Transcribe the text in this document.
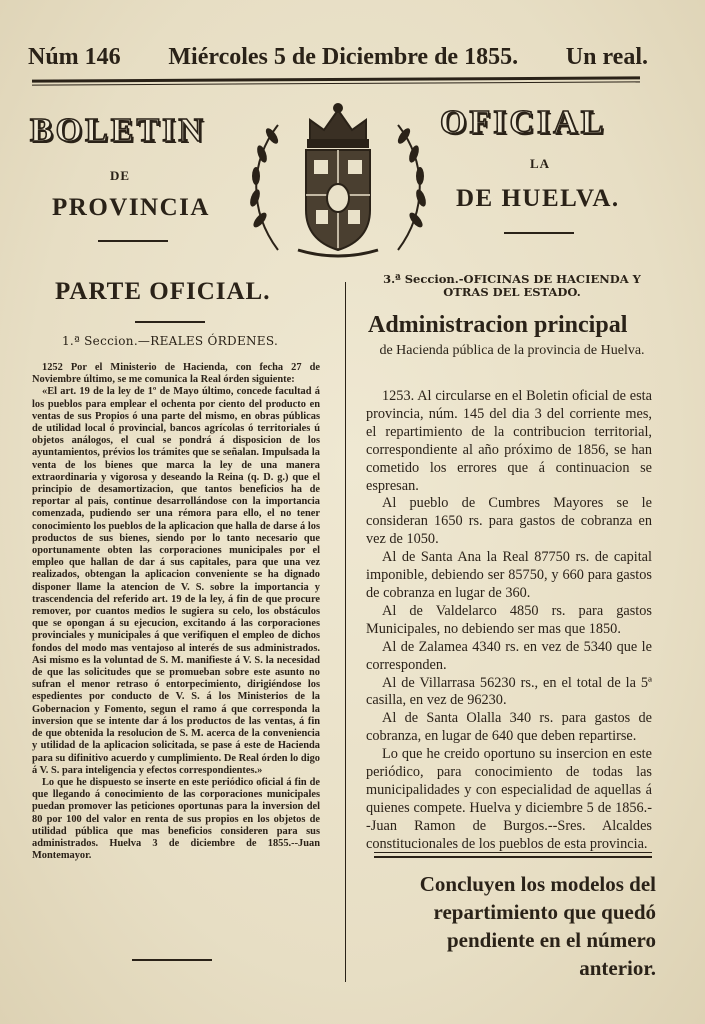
Núm 146 Miércoles 5 de Diciembre de 1855. Un real.
BOLETIN	OFICIAL
DE
LA
PROVINCIA	DE HUELVA.
PARTE OFICIAL.
1.ª Seccion.—REALES ÓRDENES.

1252 Por el Ministerio de Hacienda, con fecha 27 de Noviembre último, se me comunica la Real órden siguiente:

«El art. 19 de la ley de 1º de Mayo último, concede facultad á los pueblos para emplear el ochenta por ciento del producto en ventas de sus Propios ó una parte del mismo, en obras públicas de utilidad local ó provincial, bancos agrícolas ó territoriales ú objetos análogos, el cual se pondrá á disposicion de los ayuntamientos, prévios los trámites que se señalan. Impulsada la venta de los bienes que marca la ley de una manera extraordinaria y vigorosa y deseando la Reina (q. D. g.) que el principio de desamortizacion, que tantos beneficios ha de reportar al pais, continue desarrollándose con la importancia comenzada, pudiendo ser una rémora para ello, el no tener conocimiento los pueblos de la aplicacion que halla de darse á los productos de sus bienes, siendo por lo tanto necesario que oportunamente obten las corporaciones municipales por el empleo que hallan de dar á sus capitales, para que una vez realizados, obtengan la aplicacion conveniente se ha dignado disponer llame la atencion de V. S. sobre la importancia y trascendencia del referido art. 19 de la ley, á fin de que procure remover, por cuantos medios le sugiera su celo, los obstáculos que se opongan á su ejecucion, excitando á las corporaciones provinciales y municipales á que verifiquen el empleo de dichos fondos del modo mas ventajoso al interés de sus administrados. Asi mismo es la voluntad de S. M. manifieste á V. S. la necesidad de que las solicitudes que se promueban sobre este asunto no sufran el menor retraso ó entorpecimiento, dirigiéndose los espedientes por conducto de V. S. á los Ministerios de la Gobernacion y Fomento, segun el ramo á que corresponda la inversion que se intente dar á los productos de las ventas, á fin de que obtenida la resolucion de S. M. acerca de la conveniencia y utilidad de la aplicacion solicitada, se pase á este de Hacienda para su difinitivo acuerdo y cumplimiento. De Real órden lo digo á V. S. para inteligencia y efectos correspondientes.»

Lo que he dispuesto se inserte en este periódico oficial á fin de que llegando á conocimiento de las corporaciones municipales puedan promover las peticiones oportunas para la inversion del 80 por 100 del valor en renta de sus propios en los objetos de utilidad pública que mas beneficios consideren para sus administrados. Huelva 3 de diciembre de 1855.--Juan Montemayor.

3.ª Seccion.-OFICINAS DE HACIENDA Y OTRAS DEL ESTADO.
Administracion principal
de Hacienda pública de la provincia de Huelva.

1253. Al circularse en el Boletin oficial de esta provincia, núm. 145 del dia 3 del corriente mes, el repartimiento de la contribucion territorial, correspondiente al año próximo de 1856, se han cometido los errores que á continuacion se espresan.

Al pueblo de Cumbres Mayores se le consideran 1650 rs. para gastos de cobranza en vez de 1050.

Al de Santa Ana la Real 87750 rs. de capital imponible, debiendo ser 85750, y 660 para gastos de cobranza en lugar de 360.

Al de Valdelarco 4850 rs. para gastos Municipales, no debiendo ser mas que 1850.

Al de Zalamea 4340 rs. en vez de 5340 que le corresponden.

Al de Villarrasa 56230 rs., en el total de la 5ª casilla, en vez de 96230.

Al de Santa Olalla 340 rs. para gastos de cobranza, en lugar de 640 que deben repartirse.

Lo que he creido oportuno su insercion en este periódico, para conocimiento de todas las municipalidades y con especialidad de aquellas á quienes compete. Huelva y diciembre 5 de 1856.--Juan Ramon de Burgos.--Sres. Alcaldes constitucionales de los pueblos de esta provincia.

Concluyen los modelos del repartimiento que quedó pendiente en el número anterior.
